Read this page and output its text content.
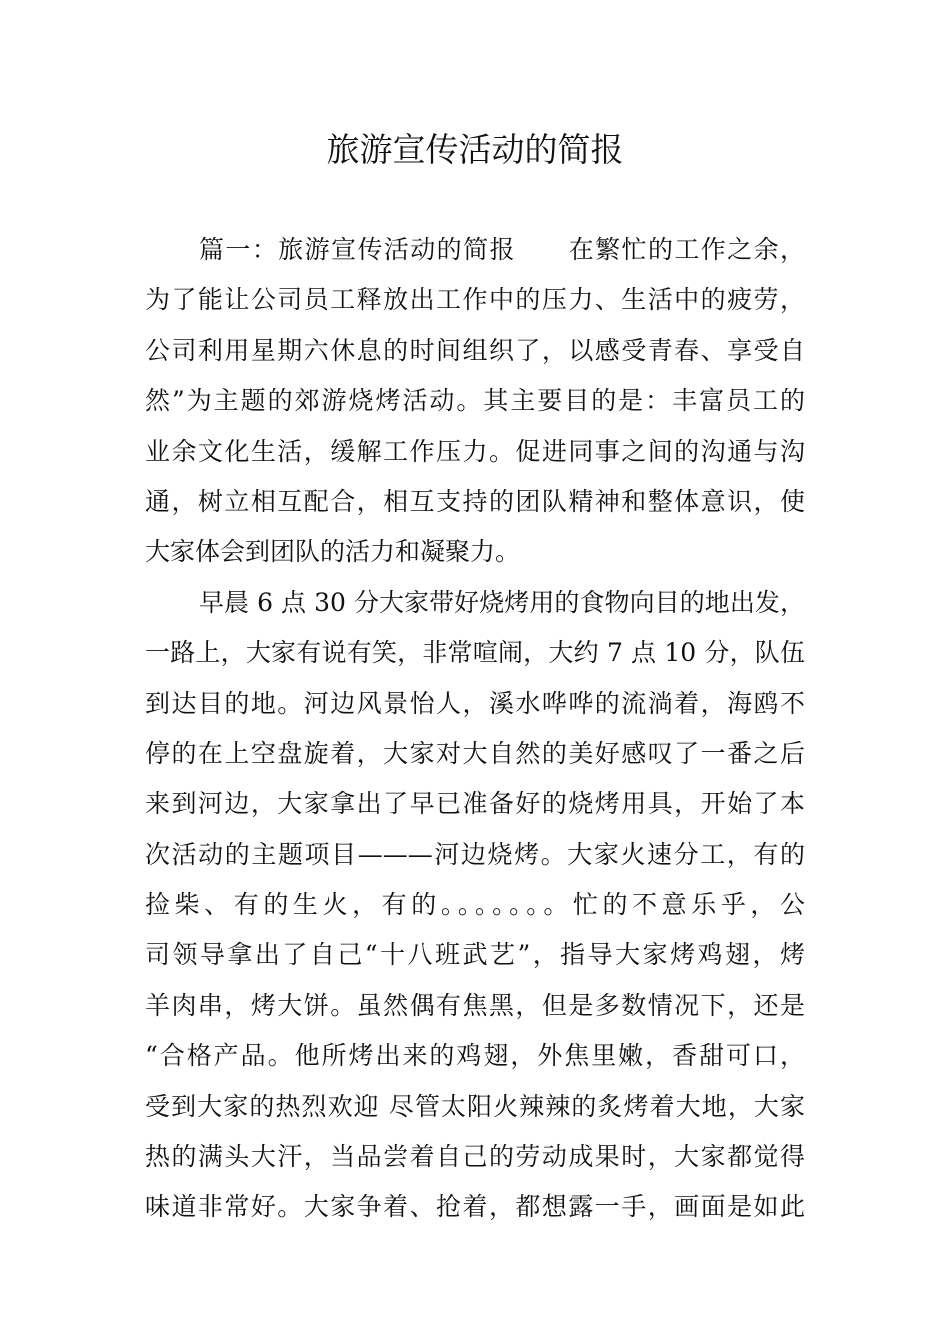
旅游宣传活动的简报
篇一：旅游宣传活动的简报　　在繁忙的工作之余，
为了能让公司员工释放出工作中的压力、生活中的疲劳，
公司利用星期六休息的时间组织了，以感受青春、享受自
然”为主题的郊游烧烤活动。其主要目的是：丰富员工的
业余文化生活，缓解工作压力。促进同事之间的沟通与沟
通，树立相互配合，相互支持的团队精神和整体意识，使
大家体会到团队的活力和凝聚力。
早晨 6 点 30 分大家带好烧烤用的食物向目的地出发，
一路上，大家有说有笑，非常喧闹，大约 7 点 10 分，队伍
到达目的地。河边风景怡人，溪水哗哗的流淌着，海鸥不
停的在上空盘旋着，大家对大自然的美好感叹了一番之后
来到河边，大家拿出了早已准备好的烧烤用具，开始了本
次活动的主题项目———河边烧烤。大家火速分工，有的
捡柴、有的生火，有的。。。。。。。忙的不意乐乎，公
司领导拿出了自己“十八班武艺”，指导大家烤鸡翅，烤
羊肉串，烤大饼。虽然偶有焦黑，但是多数情况下，还是
“合格产品。他所烤出来的鸡翅，外焦里嫩，香甜可口，
受到大家的热烈欢迎 尽管太阳火辣辣的炙烤着大地，大家
热的满头大汗，当品尝着自己的劳动成果时，大家都觉得
味道非常好。大家争着、抢着，都想露一手，画面是如此
